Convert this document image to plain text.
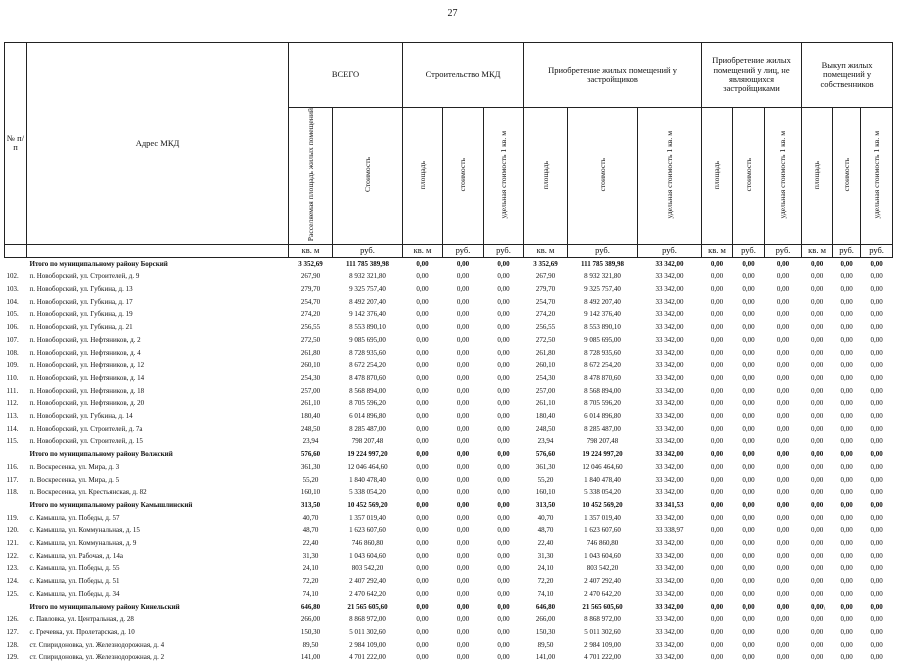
27
№ п/п	Адрес МКД	ВСЕГО		Строительство МКД			Приобретение жилых помещений у застройщиков			Приобретение жилых помещений у лиц, не являющихся застройщиками			Выкуп жилых помещений у собственников		
		Расселяемая площадь жилых помещений	Стоимость	площадь	стоимость	удельная стоимость 1 кв. м	площадь	стоимость	удельная стоимость 1 кв. м	площадь	стоимость	удельная стоимость 1 кв. м	площадь	стоимость	удельная стоимость 1 кв. м
		кв. м	руб.	кв. м	руб.	руб.	кв. м	руб.	руб.	кв. м	руб.	руб.	кв. м	руб.	руб.
	Итого по муниципальному району Борский	3 352,69	111 785 389,98	0,00	0,00	0,00	3 352,69	111 785 389,98	33 342,00	0,00	0,00	0,00	0,00	0,00	0,00
102.	п. Новоборский, ул. Строителей, д. 9	267,90	8 932 321,80	0,00	0,00	0,00	267,90	8 932 321,80	33 342,00	0,00	0,00	0,00	0,00	0,00	0,00
103.	п. Новоборский, ул. Губкина, д. 13	279,70	9 325 757,40	0,00	0,00	0,00	279,70	9 325 757,40	33 342,00	0,00	0,00	0,00	0,00	0,00	0,00
104.	п. Новоборский, ул. Губкина, д. 17	254,70	8 492 207,40	0,00	0,00	0,00	254,70	8 492 207,40	33 342,00	0,00	0,00	0,00	0,00	0,00	0,00
105.	п. Новоборский, ул. Губкина, д. 19	274,20	9 142 376,40	0,00	0,00	0,00	274,20	9 142 376,40	33 342,00	0,00	0,00	0,00	0,00	0,00	0,00
106.	п. Новоборский, ул. Губкина, д. 21	256,55	8 553 890,10	0,00	0,00	0,00	256,55	8 553 890,10	33 342,00	0,00	0,00	0,00	0,00	0,00	0,00
107.	п. Новоборский, ул. Нефтяников, д. 2	272,50	9 085 695,00	0,00	0,00	0,00	272,50	9 085 695,00	33 342,00	0,00	0,00	0,00	0,00	0,00	0,00
108.	п. Новоборский, ул. Нефтяников, д. 4	261,80	8 728 935,60	0,00	0,00	0,00	261,80	8 728 935,60	33 342,00	0,00	0,00	0,00	0,00	0,00	0,00
109.	п. Новоборский, ул. Нефтяников, д. 12	260,10	8 672 254,20	0,00	0,00	0,00	260,10	8 672 254,20	33 342,00	0,00	0,00	0,00	0,00	0,00	0,00
110.	п. Новоборский, ул. Нефтяников, д. 14	254,30	8 478 870,60	0,00	0,00	0,00	254,30	8 478 870,60	33 342,00	0,00	0,00	0,00	0,00	0,00	0,00
111.	п. Новоборский, ул. Нефтяников, д. 18	257,00	8 568 894,00	0,00	0,00	0,00	257,00	8 568 894,00	33 342,00	0,00	0,00	0,00	0,00	0,00	0,00
112.	п. Новоборский, ул. Нефтяников, д. 20	261,10	8 705 596,20	0,00	0,00	0,00	261,10	8 705 596,20	33 342,00	0,00	0,00	0,00	0,00	0,00	0,00
113.	п. Новоборский, ул. Губкина, д. 14	180,40	6 014 896,80	0,00	0,00	0,00	180,40	6 014 896,80	33 342,00	0,00	0,00	0,00	0,00	0,00	0,00
114.	п. Новоборский, ул. Строителей, д. 7а	248,50	8 285 487,00	0,00	0,00	0,00	248,50	8 285 487,00	33 342,00	0,00	0,00	0,00	0,00	0,00	0,00
115.	п. Новоборский, ул. Строителей, д. 15	23,94	798 207,48	0,00	0,00	0,00	23,94	798 207,48	33 342,00	0,00	0,00	0,00	0,00	0,00	0,00
	Итого по муниципальному району Волжский	576,60	19 224 997,20	0,00	0,00	0,00	576,60	19 224 997,20	33 342,00	0,00	0,00	0,00	0,00	0,00	0,00
116.	п. Воскресенка, ул. Мира, д. 3	361,30	12 046 464,60	0,00	0,00	0,00	361,30	12 046 464,60	33 342,00	0,00	0,00	0,00	0,00	0,00	0,00
117.	п. Воскресенка, ул. Мира, д. 5	55,20	1 840 478,40	0,00	0,00	0,00	55,20	1 840 478,40	33 342,00	0,00	0,00	0,00	0,00	0,00	0,00
118.	п. Воскресенка, ул. Крестьянская, д. 82	160,10	5 338 054,20	0,00	0,00	0,00	160,10	5 338 054,20	33 342,00	0,00	0,00	0,00	0,00	0,00	0,00
	Итого по муниципальному району Камышлинский	313,50	10 452 569,20	0,00	0,00	0,00	313,50	10 452 569,20	33 341,53	0,00	0,00	0,00	0,00	0,00	0,00
119.	с. Камышла, ул. Победы, д. 57	40,70	1 357 019,40	0,00	0,00	0,00	40,70	1 357 019,40	33 342,00	0,00	0,00	0,00	0,00	0,00	0,00
120.	с. Камышла, ул. Коммунальная, д. 15	48,70	1 623 607,60	0,00	0,00	0,00	48,70	1 623 607,60	33 338,97	0,00	0,00	0,00	0,00	0,00	0,00
121.	с. Камышла, ул. Коммунальная, д. 9	22,40	746 860,80	0,00	0,00	0,00	22,40	746 860,80	33 342,00	0,00	0,00	0,00	0,00	0,00	0,00
122.	с. Камышла, ул. Рабочая, д. 14а	31,30	1 043 604,60	0,00	0,00	0,00	31,30	1 043 604,60	33 342,00	0,00	0,00	0,00	0,00	0,00	0,00
123.	с. Камышла, ул. Победы, д. 55	24,10	803 542,20	0,00	0,00	0,00	24,10	803 542,20	33 342,00	0,00	0,00	0,00	0,00	0,00	0,00
124.	с. Камышла, ул. Победы, д. 51	72,20	2 407 292,40	0,00	0,00	0,00	72,20	2 407 292,40	33 342,00	0,00	0,00	0,00	0,00	0,00	0,00
125.	с. Камышла, ул. Победы, д. 34	74,10	2 470 642,20	0,00	0,00	0,00	74,10	2 470 642,20	33 342,00	0,00	0,00	0,00	0,00	0,00	0,00
	Итого по муниципальному району Кинельский	646,80	21 565 605,60	0,00	0,00	0,00	646,80	21 565 605,60	33 342,00	0,00	0,00	0,00	0,00	0,00	0,00
126.	с. Павловка, ул. Центральная, д. 28	266,00	8 868 972,00	0,00	0,00	0,00	266,00	8 868 972,00	33 342,00	0,00	0,00	0,00	0,00	0,00	0,00
127.	с. Гречевка, ул. Пролетарская, д. 10	150,30	5 011 302,60	0,00	0,00	0,00	150,30	5 011 302,60	33 342,00	0,00	0,00	0,00	0,00	0,00	0,00
128.	ст. Спиридоновка, ул. Железнодорожная, д. 4	89,50	2 984 109,00	0,00	0,00	0,00	89,50	2 984 109,00	33 342,00	0,00	0,00	0,00	0,00	0,00	0,00
129.	ст. Спиридоновка, ул. Железнодорожная, д. 2	141,00	4 701 222,00	0,00	0,00	0,00	141,00	4 701 222,00	33 342,00	0,00	0,00	0,00	0,00	0,00	0,00
\
